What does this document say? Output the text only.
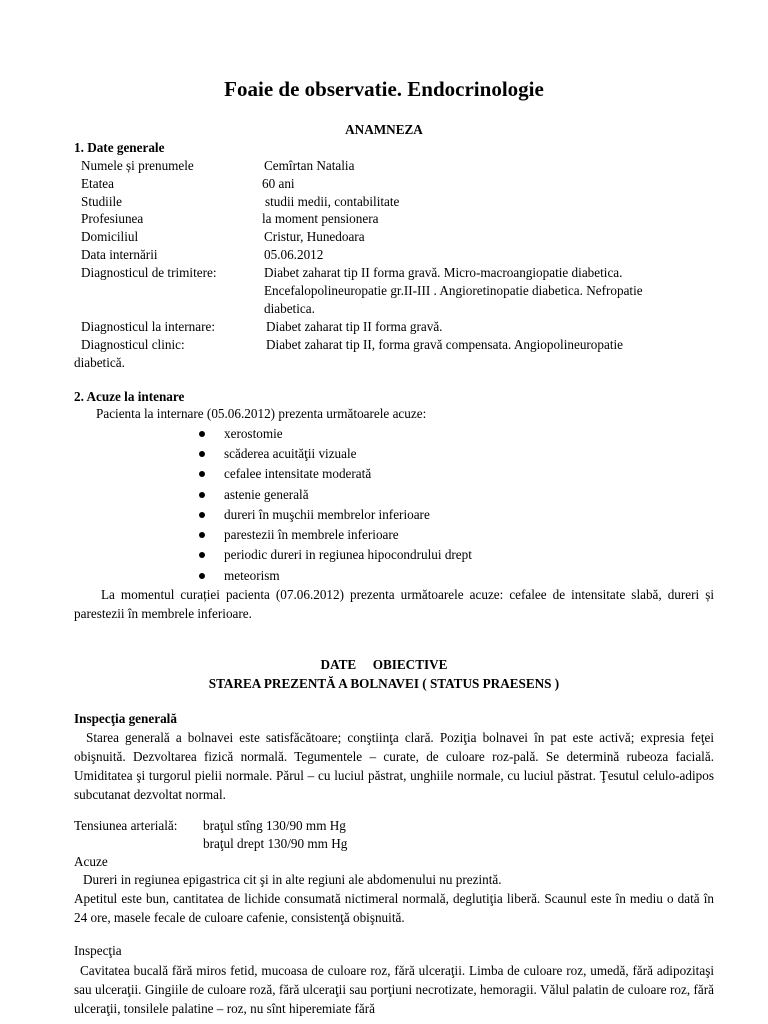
Foaie de observatie. Endocrinologie
ANAMNEZA
1. Date generale
Numele și prenumele	Cemîrtan Natalia
Etatea	60 ani
Studiile	studii medii, contabilitate
Profesiunea	la moment pensionera
Domiciliul	Cristur, Hunedoara
Data internării	05.06.2012
Diagnosticul de trimitere:	Diabet zaharat tip II forma gravă. Micro-macroangiopatie diabetica.
Encefalopolineuropatie gr.II-III . Angioretinopatie diabetica. Nefropatie
diabetica.
Diagnosticul la internare:	Diabet zaharat tip II forma gravă.
Diagnosticul clinic:	Diabet zaharat tip II, forma gravă compensata. Angiopolineuropatie
diabetică.
2. Acuze la intenare
Pacienta la internare (05.06.2012) prezenta următoarele acuze:
xerostomie
scăderea acuităţii vizuale
cefalee intensitate moderată
astenie generală
dureri în muşchii membrelor inferioare
parestezii în membrele inferioare
periodic dureri in regiunea hipocondrului drept
meteorism
La momentul curației pacienta (07.06.2012) prezenta următoarele acuze: cefalee de intensitate slabă, dureri și parestezii în membrele inferioare.
DATE     OBIECTIVE
STAREA PREZENTĂ A BOLNAVEI ( STATUS PRAESENS )
Inspecţia generală
Starea generală a bolnavei este satisfăcătoare; conştiinţa clară. Poziţia bolnavei în pat este activă; expresia feţei obişnuită. Dezvoltarea fizică normală. Tegumentele – curate, de culoare roz-pală. Se determină rubeoza facială. Umiditatea şi turgorul pielii normale. Părul – cu luciul păstrat, unghiile normale, cu luciul păstrat. Ţesutul celulo-adipos subcutanat dezvoltat normal.
Tensiunea arterială: braţul stîng 130/90 mm Hg
braţul drept 130/90 mm Hg
Acuze
Dureri in regiunea epigastrica cit şi in alte regiuni ale abdomenului nu prezintă.
Apetitul este bun, cantitatea de lichide consumată nictimeral normală, deglutiţia liberă. Scaunul este în mediu o dată în 24 ore, masele fecale de culoare cafenie, consistenţă obişnuită.
Inspecţia
Cavitatea bucală fără miros fetid, mucoasa de culoare roz, fără ulceraţii. Limba de culoare roz, umedă, fără adipozitaşi sau ulceraţii. Gingiile de culoare roză, fără ulceraţii sau porţiuni necrotizate, hemoragii. Vălul palatin de culoare roz, fără ulceraţii, tonsilele palatine – roz, nu sînt hiperemiate fără
